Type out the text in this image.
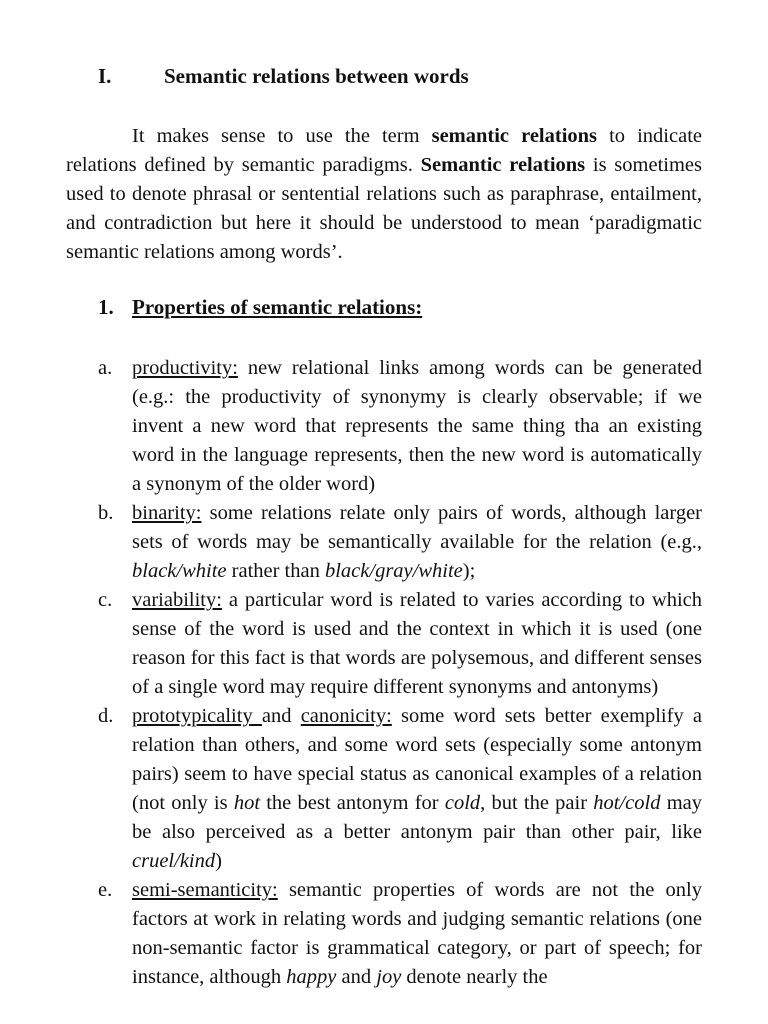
I.	Semantic relations between words

It makes sense to use the term semantic relations to indicate relations defined by semantic paradigms. Semantic relations is sometimes used to denote phrasal or sentential relations such as paraphrase, entailment, and contradiction but here it should be understood to mean ‘paradigmatic semantic relations among words’.

1. Properties of semantic relations:
a. productivity: new relational links among words can be generated (e.g.: the productivity of synonymy is clearly observable; if we invent a new word that represents the same thing tha an existing word in the language represents, then the new word is automatically a synonym of the older word)
b. binarity: some relations relate only pairs of words, although larger sets of words may be semantically available for the relation (e.g., black/white rather than black/gray/white);
c. variability: a particular word is related to varies according to which sense of the word is used and the context in which it is used (one reason for this fact is that words are polysemous, and different senses of a single word may require different synonyms and antonyms)
d. prototypicality and canonicity: some word sets better exemplify a relation than others, and some word sets (especially some antonym pairs) seem to have special status as canonical examples of a relation (not only is hot the best antonym for cold, but the pair hot/cold may be also perceived as a better antonym pair than other pair, like cruel/kind)
e. semi-semanticity: semantic properties of words are not the only factors at work in relating words and judging semantic relations (one non-semantic factor is grammatical category, or part of speech; for instance, although happy and joy denote nearly the
